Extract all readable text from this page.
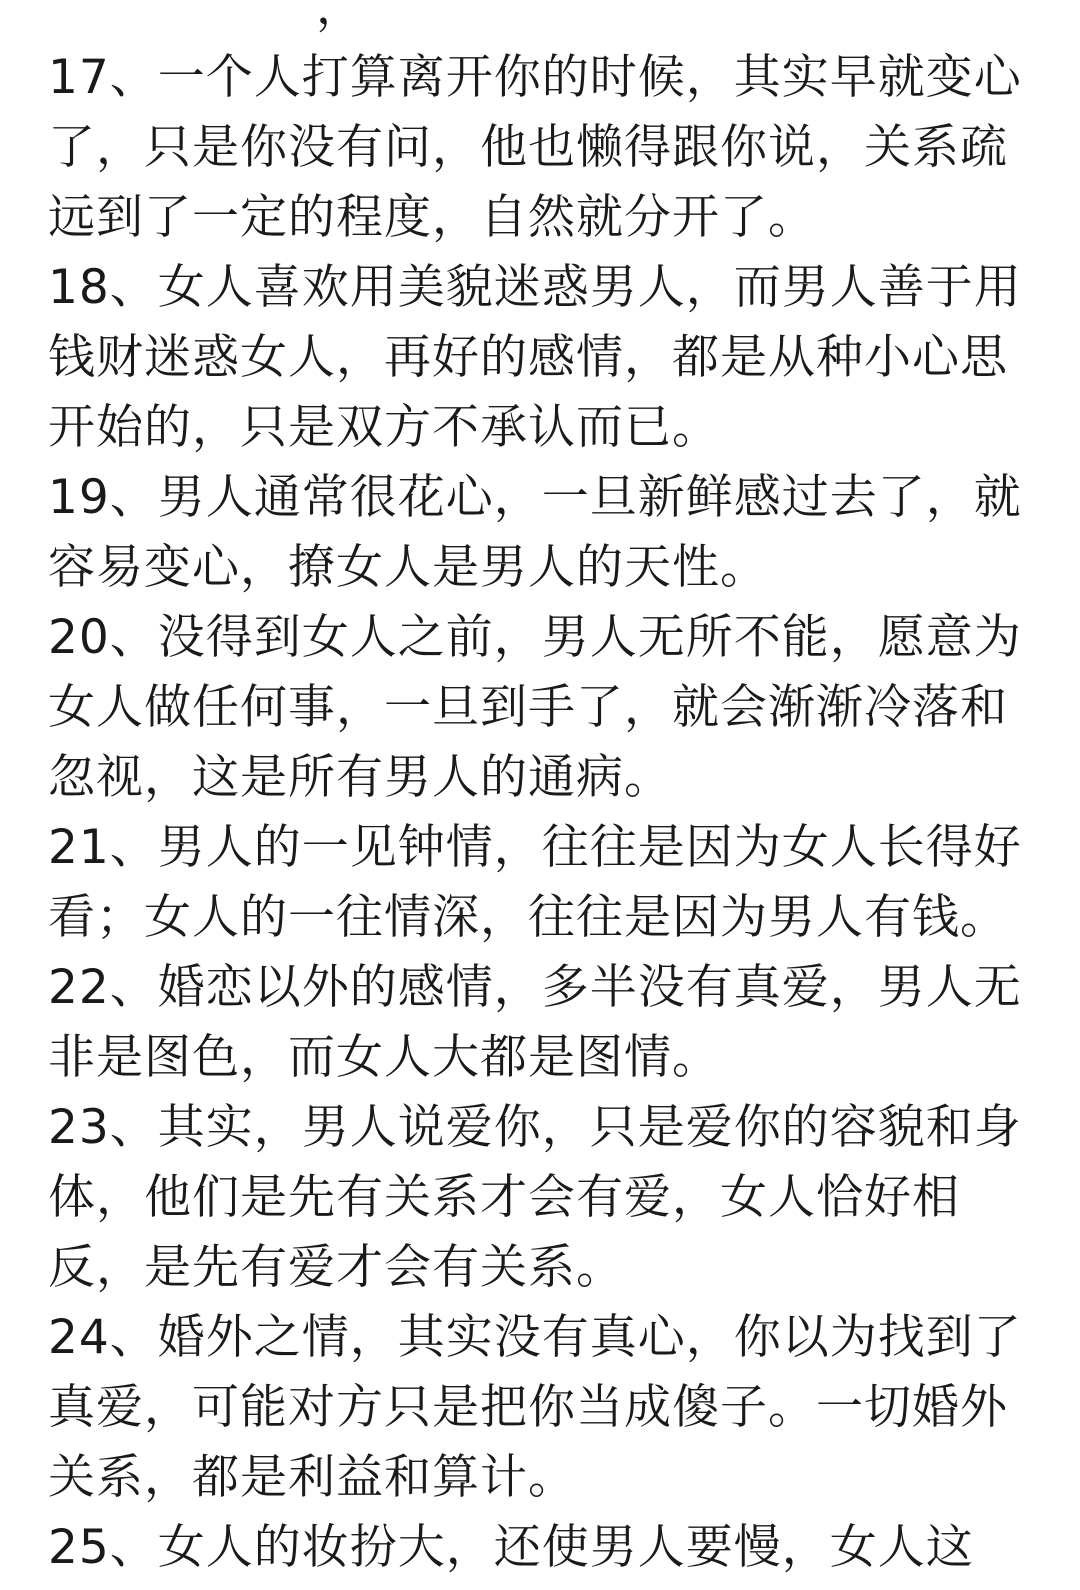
，

17、一个人打算离开你的时候，其实早就变心了，只是你没有问，他也懒得跟你说，关系疏远到了一定的程度，自然就分开了。

18、女人喜欢用美貌迷惑男人，而男人善于用钱财迷惑女人，再好的感情，都是从种小心思开始的，只是双方不承认而已。

19、男人通常很花心，一旦新鲜感过去了，就容易变心，撩女人是男人的天性。

20、没得到女人之前，男人无所不能，愿意为女人做任何事，一旦到手了，就会渐渐冷落和忽视，这是所有男人的通病。

21、男人的一见钟情，往往是因为女人长得好看；女人的一往情深，往往是因为男人有钱。

22、婚恋以外的感情，多半没有真爱，男人无非是图色，而女人大都是图情。

23、其实，男人说爱你，只是爱你的容貌和身体，他们是先有关系才会有爱，女人恰好相反，是先有爱才会有关系。

24、婚外之情，其实没有真心，你以为找到了真爱，可能对方只是把你当成傻子。一切婚外关系，都是利益和算计。

25、女人的妆扮大，还使男人要慢，女人这
